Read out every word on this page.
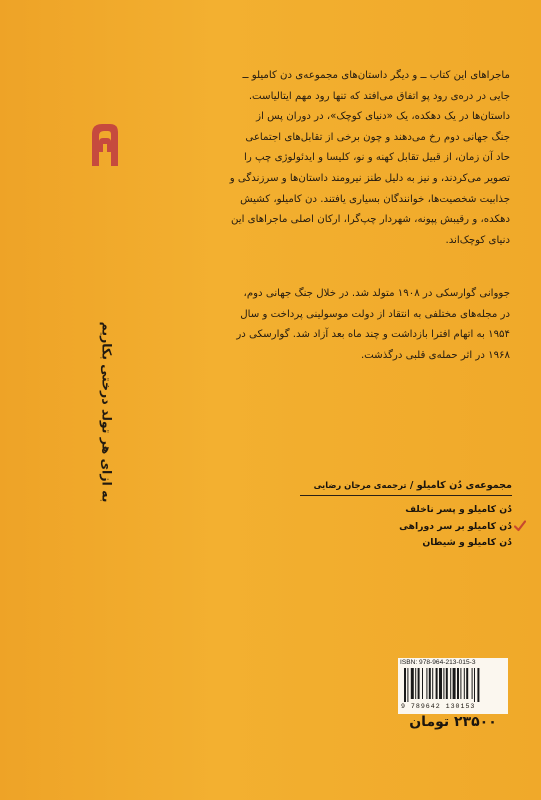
ماجراهای این کتاب ــ و دیگر داستان‌های مجموعه‌ی دن کامیلو ــ
جایی در دره‌ی رود پو اتفاق می‌افتد که تنها رود مهم ایتالیاست.
داستان‌ها در یک دهکده، یک «دنیای کوچک»، در دوران پس از
جنگ جهانی دوم رخ می‌دهند و چون برخی از تقابل‌های اجتماعی
حاد آن زمان، از قبیل تقابل کهنه و نو، کلیسا و ایدئولوژی چپ را
تصویر می‌کردند، و نیز به دلیل طنز نیرومند داستان‌ها و سرزندگی و
جذابیت شخصیت‌ها، خوانندگان بسیاری یافتند. دن کامیلو، کشیش
دهکده، و رقیبش پپونه، شهردار چپ‌گرا، ارکان اصلی ماجراهای این
دنیای کوچک‌اند.
جووانی گوارسکی در ۱۹۰۸ متولد شد. در خلال جنگ جهانی دوم،
در مجله‌های مختلفی به انتقاد از دولت موسولینی پرداخت و سال
۱۹۵۴ به اتهام افترا بازداشت و چند ماه بعد آزاد شد. گوارسکی در
۱۹۶۸ در اثر حمله‌ی قلبی درگذشت.
به ازای هر تولد درختی بکاریم	مجموعه‌ی دُن کامیلو / ترجمه‌ی مرجان رضایی
دُن کامیلو و پسر ناخلف
دُن کامیلو بر سر دوراهی
دُن کامیلو و شیطان
ISBN: 978-964-213-015-3
9 789642 130153
۲۳۵۰۰ تومان
